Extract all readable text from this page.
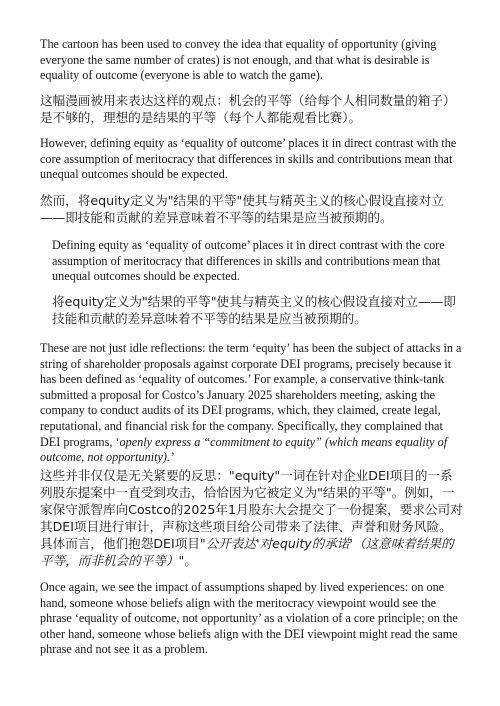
The cartoon has been used to convey the idea that equality of opportunity (giving everyone the same number of crates) is not enough, and that what is desirable is equality of outcome (everyone is able to watch the game).

这幅漫画被用来表达这样的观点：机会的平等（给每个人相同数量的箱子）是不够的，理想的是结果的平等（每个人都能观看比赛）。

However, defining equity as ‘equality of outcome’ places it in direct contrast with the core assumption of meritocracy that differences in skills and contributions mean that unequal outcomes should be expected.

然而，将equity定义为"结果的平等"使其与精英主义的核心假设直接对立——即技能和贡献的差异意味着不平等的结果是应当被预期的。

Defining equity as ‘equality of outcome’ places it in direct contrast with the core assumption of meritocracy that differences in skills and contributions mean that unequal outcomes should be expected.

将equity定义为"结果的平等"使其与精英主义的核心假设直接对立——即技能和贡献的差异意味着不平等的结果是应当被预期的。

These are not just idle reflections: the term ‘equity’ has been the subject of attacks in a string of shareholder proposals against corporate DEI programs, precisely because it has been defined as ‘equality of outcomes.’ For example, a conservative think-tank submitted a proposal for Costco’s January 2025 shareholders meeting, asking the company to conduct audits of its DEI programs, which, they claimed, create legal, reputational, and financial risk for the company. Specifically, they complained that DEI programs, ‘openly express a “commitment to equity” (which means equality of outcome, not opportunity).’

这些并非仅仅是无关紧要的反思："equity"一词在针对企业DEI项目的一系列股东提案中一直受到攻击，恰恰因为它被定义为"结果的平等"。例如，一家保守派智库向Costco的2025年1月股东大会提交了一份提案，要求公司对其DEI项目进行审计，声称这些项目给公司带来了法律、声誉和财务风险。具体而言，他们抱怨DEI项目"公开表达'对equity的承诺'（这意味着结果的平等，而非机会的平等）"。

Once again, we see the impact of assumptions shaped by lived experiences: on one hand, someone whose beliefs align with the meritocracy viewpoint would see the phrase ‘equality of outcome, not opportunity’ as a violation of a core principle; on the other hand, someone whose beliefs align with the DEI viewpoint might read the same phrase and not see it as a problem.
